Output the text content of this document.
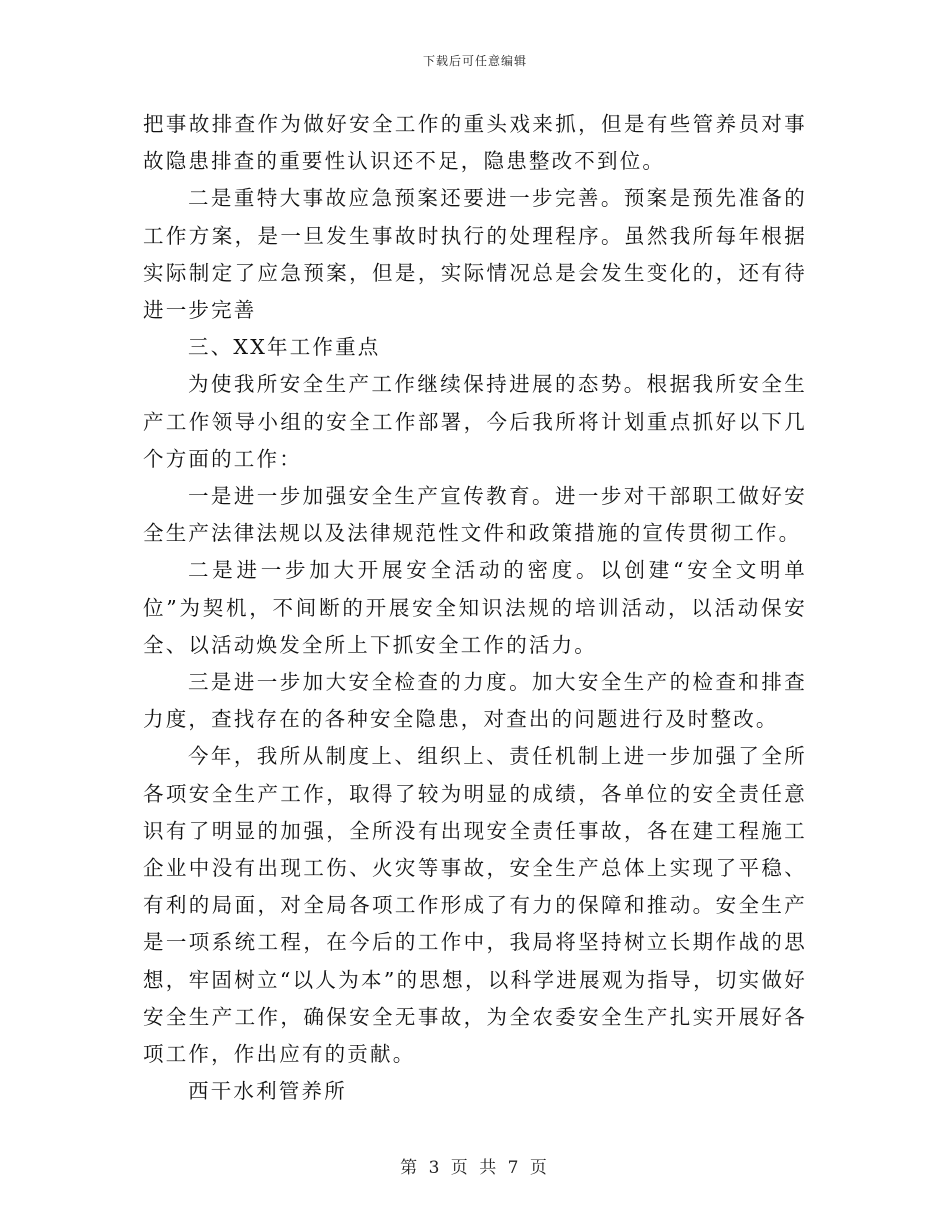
下载后可任意编辑

把事故排查作为做好安全工作的重头戏来抓，但是有些管养员对事故隐患排查的重要性认识还不足，隐患整改不到位。

二是重特大事故应急预案还要进一步完善。预案是预先准备的工作方案，是一旦发生事故时执行的处理程序。虽然我所每年根据实际制定了应急预案，但是，实际情况总是会发生变化的，还有待进一步完善

三、XX年工作重点

为使我所安全生产工作继续保持进展的态势。根据我所安全生产工作领导小组的安全工作部署，今后我所将计划重点抓好以下几个方面的工作：

一是进一步加强安全生产宣传教育。进一步对干部职工做好安全生产法律法规以及法律规范性文件和政策措施的宣传贯彻工作。

二是进一步加大开展安全活动的密度。以创建“安全文明单位”为契机，不间断的开展安全知识法规的培训活动，以活动保安全、以活动焕发全所上下抓安全工作的活力。

三是进一步加大安全检查的力度。加大安全生产的检查和排查力度，查找存在的各种安全隐患，对查出的问题进行及时整改。

今年，我所从制度上、组织上、责任机制上进一步加强了全所各项安全生产工作，取得了较为明显的成绩，各单位的安全责任意识有了明显的加强，全所没有出现安全责任事故，各在建工程施工企业中没有出现工伤、火灾等事故，安全生产总体上实现了平稳、有利的局面，对全局各项工作形成了有力的保障和推动。安全生产是一项系统工程，在今后的工作中，我局将坚持树立长期作战的思想，牢固树立“以人为本”的思想，以科学进展观为指导，切实做好安全生产工作，确保安全无事故，为全农委安全生产扎实开展好各项工作，作出应有的贡献。

西干水利管养所

第 3 页 共 7 页
